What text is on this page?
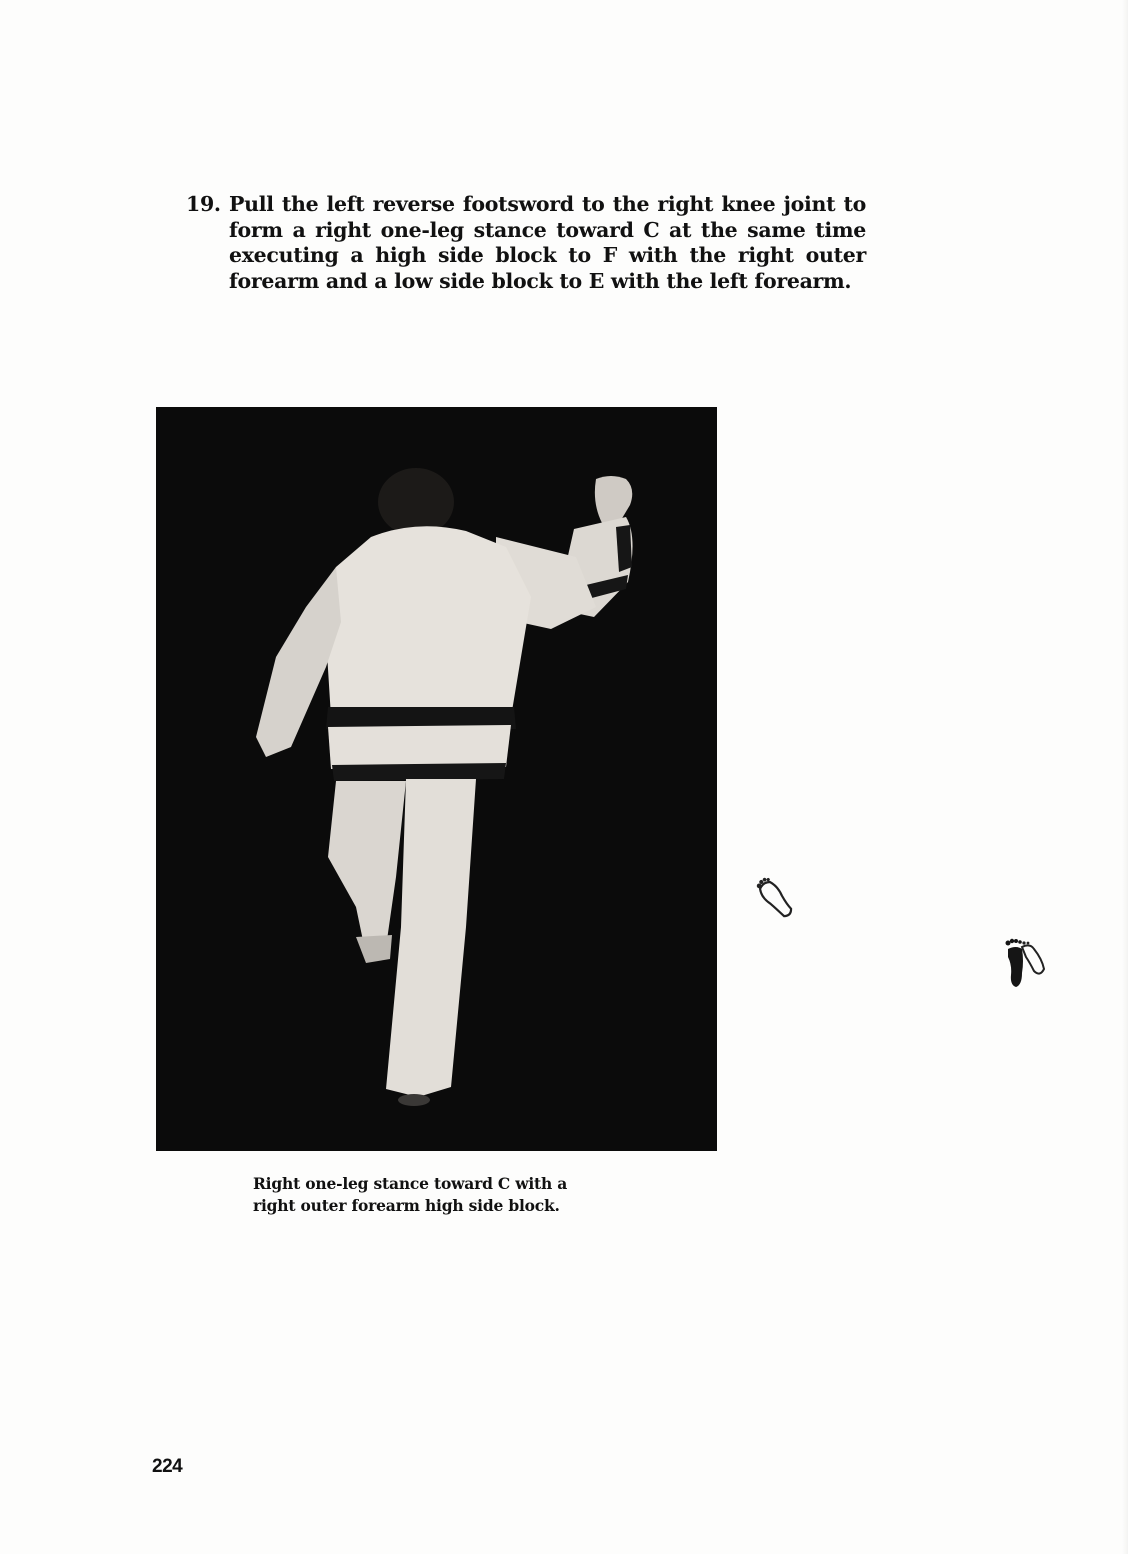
19. Pull the left reverse footsword to the right knee joint to form a right one-leg stance toward C at the same time executing a high side block to F with the right outer forearm and a low side block to E with the left forearm.
Right one-leg stance toward C with a
right outer forearm high side block.
224
